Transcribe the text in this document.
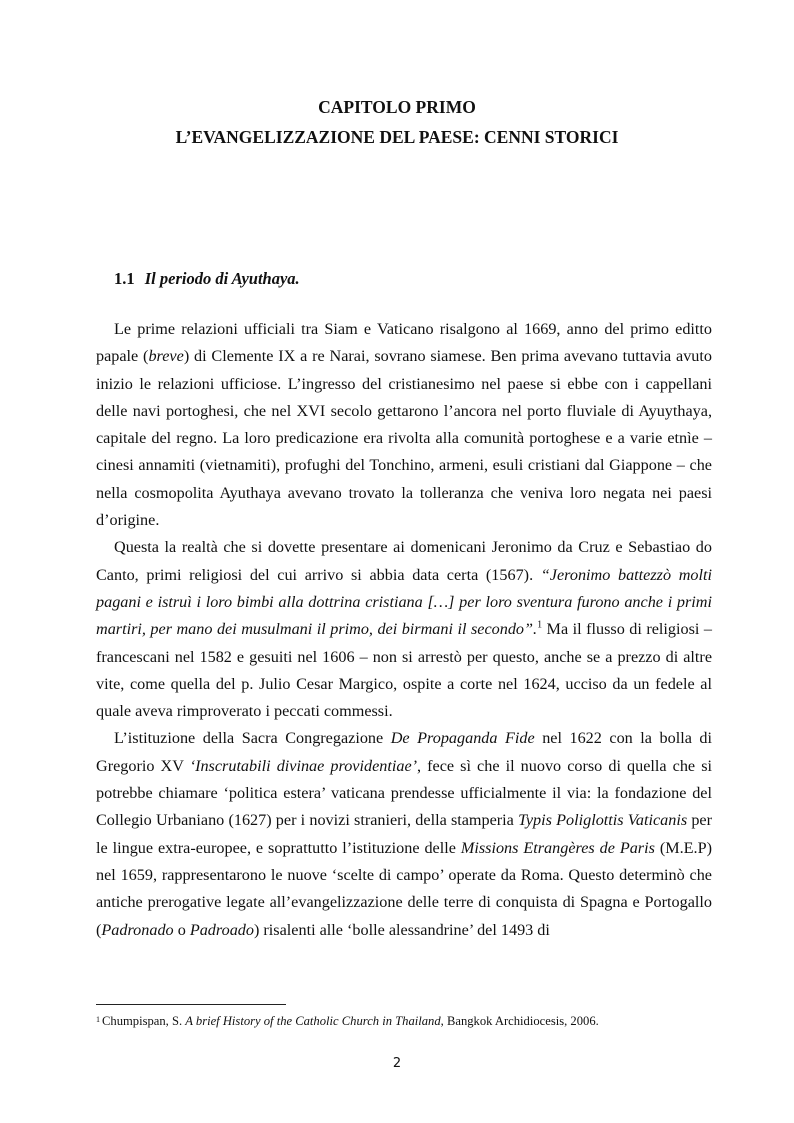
CAPITOLO PRIMO
L’EVANGELIZZAZIONE DEL PAESE: CENNI STORICI
1.1 Il periodo di Ayuthaya.

Le prime relazioni ufficiali tra Siam e Vaticano risalgono al 1669, anno del primo editto papale (breve) di Clemente IX a re Narai, sovrano siamese. Ben prima avevano tuttavia avuto inizio le relazioni ufficiose. L’ingresso del cristianesimo nel paese si ebbe con i cappellani delle navi portoghesi, che nel XVI secolo gettarono l’ancora nel porto fluviale di Ayuythaya, capitale del regno. La loro predicazione era rivolta alla comunità portoghese e a varie etnìe – cinesi annamiti (vietnamiti), profughi del Tonchino, armeni, esuli cristiani dal Giappone – che nella cosmopolita Ayuthaya avevano trovato la tolleranza che veniva loro negata nei paesi d’origine.

Questa la realtà che si dovette presentare ai domenicani Jeronimo da Cruz e Sebastiao do Canto, primi religiosi del cui arrivo si abbia data certa (1567). “Jeronimo battezzò molti pagani e istruì i loro bimbi alla dottrina cristiana […] per loro sventura furono anche i primi martiri, per mano dei musulmani il primo, dei birmani il secondo”.$^1$ Ma il flusso di religiosi – francescani nel 1582 e gesuiti nel 1606 – non si arrestò per questo, anche se a prezzo di altre vite, come quella del p. Julio Cesar Margico, ospite a corte nel 1624, ucciso da un fedele al quale aveva rimproverato i peccati commessi.

L’istituzione della Sacra Congregazione De Propaganda Fide nel 1622 con la bolla di Gregorio XV ‘Inscrutabili divinae providentiae’, fece sì che il nuovo corso di quella che si potrebbe chiamare ‘politica estera’ vaticana prendesse ufficialmente il via: la fondazione del Collegio Urbaniano (1627) per i novizi stranieri, della stamperia Typis Poliglottis Vaticanis per le lingue extra-europee, e soprattutto l’istituzione delle Missions Etrangères de Paris (M.E.P) nel 1659, rappresentarono le nuove ‘scelte di campo’ operate da Roma. Questo determinò che antiche prerogative legate all’evangelizzazione delle terre di conquista di Spagna e Portogallo (Padronado o Padroado) risalenti alle ‘bolle alessandrine’ del 1493 di

$^1$ Chumpispan, S. A brief History of the Catholic Church in Thailand, Bangkok Archidiocesis, 2006.
2
